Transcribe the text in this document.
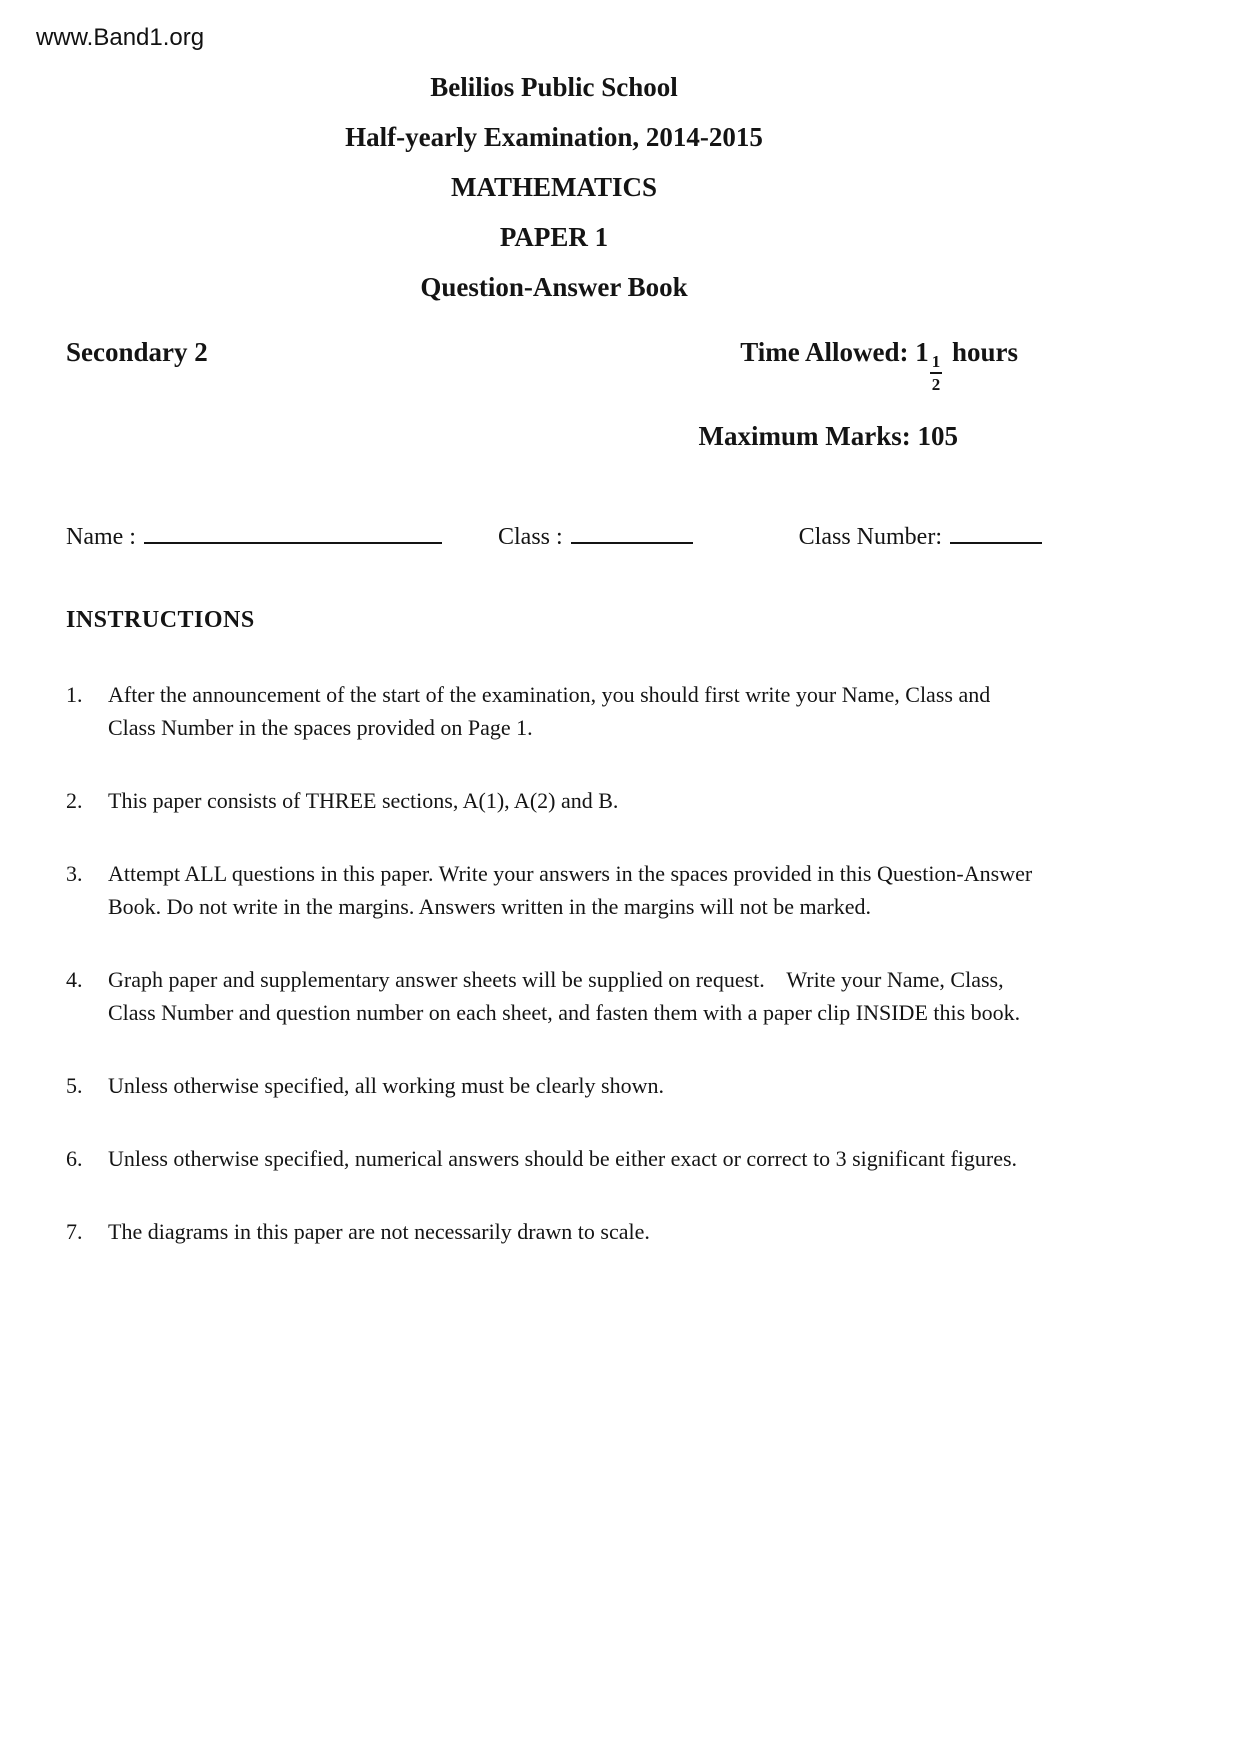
www.Band1.org
Belilios Public School
Half-yearly Examination, 2014-2015
MATHEMATICS
PAPER 1
Question-Answer Book
Secondary 2	Time Allowed: 1
$\frac{1}{2}$
hours
Maximum Marks: 105
Name :	Class :	Class Number:
INSTRUCTIONS
1.	After the announcement of the start of the examination, you should first write your Name, Class and Class Number in the spaces provided on Page 1.
2.	This paper consists of THREE sections, A(1), A(2) and B.
3.	Attempt ALL questions in this paper. Write your answers in the spaces provided in this Question-Answer Book. Do not write in the margins. Answers written in the margins will not be marked.
4.	Graph paper and supplementary answer sheets will be supplied on request.    Write your Name, Class, Class Number and question number on each sheet, and fasten them with a paper clip INSIDE this book.
5.	Unless otherwise specified, all working must be clearly shown.
6.	Unless otherwise specified, numerical answers should be either exact or correct to 3 significant figures.
7.	The diagrams in this paper are not necessarily drawn to scale.
